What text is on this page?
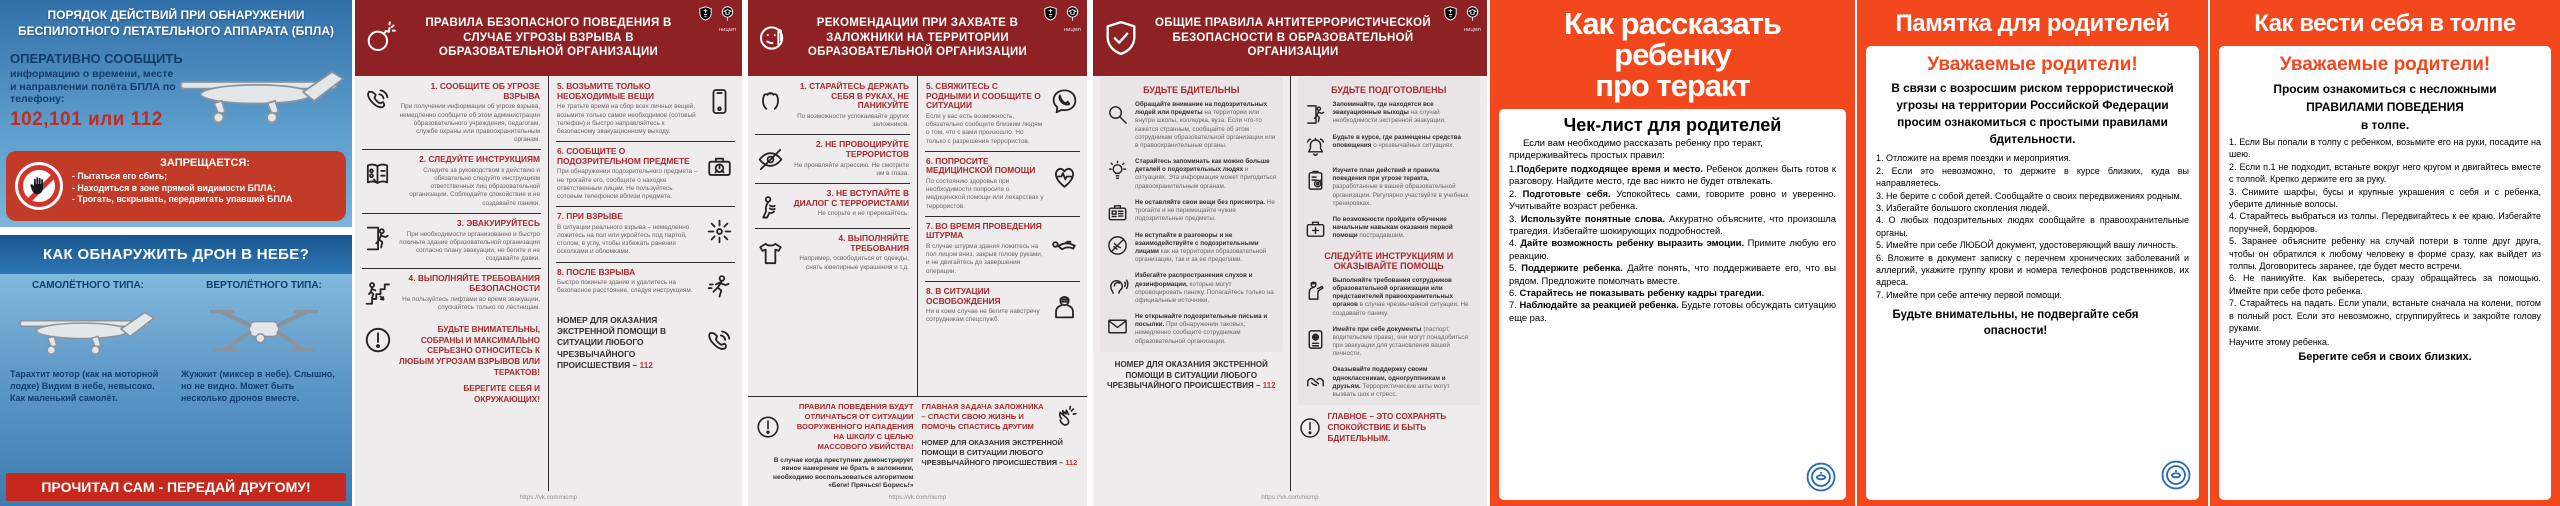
ПОРЯДОК ДЕЙСТВИЙ ПРИ ОБНАРУЖЕНИИ БЕСПИЛОТНОГО ЛЕТАТЕЛЬНОГО АППАРАТА (БПЛА)
ОПЕРАТИВНО СООБЩИТЬ
информацию о времени, месте и направлении полёта БПЛА по телефону:
102,101 или 112
ЗАПРЕЩАЕТСЯ:
- Пытаться его сбить;
- Находиться в зоне прямой видимости БПЛА;
- Трогать, вскрывать, передвигать упавший БПЛА
КАК ОБНАРУЖИТЬ ДРОН В НЕБЕ?
САМОЛЁТНОГО ТИПА:	ВЕРТОЛЁТНОГО ТИПА:
Тарахтит мотор (как на моторной лодке) Видим в небе, невысоко. Как маленький самолёт.
Жужжит (миксер в небе). Слышно, но не видно. Может быть несколько дронов вместе.
ПРОЧИТАЛ САМ - ПЕРЕДАЙ ДРУГОМУ!
ПРАВИЛА БЕЗОПАСНОГО ПОВЕДЕНИЯ В СЛУЧАЕ УГРОЗЫ ВЗРЫВА В ОБРАЗОВАТЕЛЬНОЙ ОРГАНИЗАЦИИ
НИЦМП
1. СООБЩИТЕ ОБ УГРОЗЕ ВЗРЫВА
При получении информации об угрозе взрыва, немедленно сообщите об этом администрации образовательного учреждения, педагогам, службе охраны или правоохранительным органам.
2. СЛЕДУЙТЕ ИНСТРУКЦИЯМ
Следите за руководством к действию и обязательно следуйте инструкциям ответственных лиц образовательной организации. Соблюдайте спокойствие и не создавайте паники.
3. ЭВАКУИРУЙТЕСЬ
При необходимости организованно и быстро покиньте здание образовательной организации согласно плану эвакуации, не бегите и не создавайте давки.
4. ВЫПОЛНЯЙТЕ ТРЕБОВАНИЯ БЕЗОПАСНОСТИ
Не пользуйтесь лифтами во время эвакуации, спускайтесь только по лестницам.
БУДЬТЕ ВНИМАТЕЛЬНЫ, СОБРАНЫ И МАКСИМАЛЬНО СЕРЬЕЗНО ОТНОСИТЕСЬ К ЛЮБЫМ УГРОЗАМ ВЗРЫВОВ ИЛИ ТЕРАКТОВ!
БЕРЕГИТЕ СЕБЯ И ОКРУЖАЮЩИХ!
5. ВОЗЬМИТЕ ТОЛЬКО НЕОБХОДИМЫЕ ВЕЩИ
Не тратьте время на сбор всех личных вещей, возьмите только самое необходимое (сотовый телефон) и быстро направляйтесь к безопасному эвакуационному выходу.
6. СООБЩИТЕ О ПОДОЗРИТЕЛЬНОМ ПРЕДМЕТЕ
При обнаружении подозрительного предмета – не трогайте его, сообщите о находке ответственным лицам. Не пользуйтесь сотовым телефоном вблизи предмета.
7. ПРИ ВЗРЫВЕ
В ситуации реального взрыва – немедленно ложитесь на пол или укройтесь под партой, столом, в углу, чтобы избежать ранения осколками и обломками.
8. ПОСЛЕ ВЗРЫВА
Быстро покиньте здание и удалитесь на безопасное расстояние, следуя инструкциям.
НОМЕР ДЛЯ ОКАЗАНИЯ ЭКСТРЕННОЙ ПОМОЩИ В СИТУАЦИИ ЛЮБОГО ЧРЕЗВЫЧАЙНОГО ПРОИСШЕСТВИЯ – 112
https://vk.com/nicmp
РЕКОМЕНДАЦИИ ПРИ ЗАХВАТЕ В ЗАЛОЖНИКИ НА ТЕРРИТОРИИ ОБРАЗОВАТЕЛЬНОЙ ОРГАНИЗАЦИИ
НИЦМП
1. СТАРАЙТЕСЬ ДЕРЖАТЬ СЕБЯ В РУКАХ, НЕ ПАНИКУЙТЕ
По возможности успокаивайте других заложников.
2. НЕ ПРОВОЦИРУЙТЕ ТЕРРОРИСТОВ
Не проявляйте агрессию. Не смотрите им в глаза.
3. НЕ ВСТУПАЙТЕ В ДИАЛОГ С ТЕРРОРИСТАМИ
Не спорьте и не пререкайтесь.
4. ВЫПОЛНЯЙТЕ ТРЕБОВАНИЯ
Например, освободиться от одежды, снять ювелирные украшения и т.д.
5. СВЯЖИТЕСЬ С РОДНЫМИ И СООБЩИТЕ О СИТУАЦИИ
Если у вас есть возможность, обязательно сообщите близким людям о том, что с вами произошло. Но только с разрешения террористов.
6. ПОПРОСИТЕ МЕДИЦИНСКОЙ ПОМОЩИ
По состоянию здоровья при необходимости попросите о медицинской помощи или лекарствах у террористов.
7. ВО ВРЕМЯ ПРОВЕДЕНИЯ ШТУРМА
В случае штурма здания ложитесь на пол лицом вниз, закрыв голову руками, и не двигайтесь до завершения операции.
8. В СИТУАЦИИ ОСВОБОЖДЕНИЯ
Ни в коем случае не бегите навстречу сотрудникам спецслужб.
ПРАВИЛА ПОВЕДЕНИЯ БУДУТ ОТЛИЧАТЬСЯ ОТ СИТУАЦИИ ВООРУЖЕННОГО НАПАДЕНИЯ НА ШКОЛУ С ЦЕЛЬЮ МАССОВОГО УБИЙСТВА!
В случае когда преступник демонстрирует явное намерение не брать в заложники, необходимо воспользоваться алгоритмом «Беги! Прячься! Борись!»
ГЛАВНАЯ ЗАДАЧА ЗАЛОЖНИКА – СПАСТИ СВОЮ ЖИЗНЬ И ПОМОЧЬ СПАСТИСЬ ДРУГИМ
НОМЕР ДЛЯ ОКАЗАНИЯ ЭКСТРЕННОЙ ПОМОЩИ В СИТУАЦИИ ЛЮБОГО ЧРЕЗВЫЧАЙНОГО ПРОИСШЕСТВИЯ – 112
https://vk.com/nicmp
ОБЩИЕ ПРАВИЛА АНТИТЕРРОРИСТИЧЕСКОЙ БЕЗОПАСНОСТИ В ОБРАЗОВАТЕЛЬНОЙ ОРГАНИЗАЦИИ
НИЦМП
БУДЬТЕ БДИТЕЛЬНЫ
Обращайте внимание на подозрительных людей или предметы на территории или внутри школы, колледжа, вуза. Если что-то кажется странным, сообщайте об этом сотрудникам образовательной организации или в правоохранительные органы.
Старайтесь запоминать как можно больше деталей о подозрительных людях и ситуациях. Эта информация может пригодиться правоохранительным органам.
Не оставляйте свои вещи без присмотра. Не трогайте и не перемещайте чужие подозрительные предметы.
Не вступайте в разговоры и не взаимодействуйте с подозрительными лицами как на территории образовательной организации, так и за ее пределами.
Избегайте распространения слухов и дезинформации, которые могут спровоцировать панику. Полагайтесь только на официальные источники.
Не открывайте подозрительные письма и посылки. При обнаружении таковых, немедленно сообщите сотрудникам образовательной организации.
НОМЕР ДЛЯ ОКАЗАНИЯ ЭКСТРЕННОЙ ПОМОЩИ В СИТУАЦИИ ЛЮБОГО ЧРЕЗВЫЧАЙНОГО ПРОИСШЕСТВИЯ – 112
БУДЬТЕ ПОДГОТОВЛЕНЫ
Запоминайте, где находятся все эвакуационные выходы на случай необходимости экстренной эвакуации.
Будьте в курсе, где размещены средства оповещения о чрезвычайных ситуациях.
Изучите план действий и правила поведения при угрозе теракта, разработанные в вашей образовательной организации. Регулярно участвуйте в учебных тренировках.
По возможности пройдите обучение начальным навыкам оказания первой помощи пострадавшим.
СЛЕДУЙТЕ ИНСТРУКЦИЯМ И ОКАЗЫВАЙТЕ ПОМОЩЬ
Выполняйте требования сотрудников образовательной организации или представителей правоохранительных органов в случае чрезвычайной ситуации. Не создавайте панику.
Имейте при себе документы (паспорт, водительские права), они могут понадобиться при эвакуации для установления вашей личности.
Оказывайте поддержку своим одноклассникам, одногруппникам и друзьям. Террористические акты могут вызвать шок и стресс.
ГЛАВНОЕ – ЭТО СОХРАНЯТЬ СПОКОЙСТВИЕ И БЫТЬ БДИТЕЛЬНЫМ.
https://vk.com/nicmp
Как рассказать
ребенку
про теракт
Чек-лист для родителей
Если вам необходимо рассказать ребенку про теракт, придерживайтесь простых правил:
1.Подберите подходящее время и место. Ребенок должен быть готов к разговору. Найдите место, где вас никто не будет отвлекать.
2. Подготовьте себя. Успокойтесь сами, говорите ровно и уверенно. Учитывайте возраст ребенка.
3. Используйте понятные слова. Аккуратно объясните, что произошла трагедия. Избегайте шокирующих подробностей.
4. Дайте возможность ребенку выразить эмоции. Примите любую его реакцию.
5. Поддержите ребенка. Дайте понять, что поддерживаете его, что вы рядом. Предложите помолчать вместе.
6. Старайтесь не показывать ребенку кадры трагедии.
7. Наблюдайте за реакцией ребенка. Будьте готовы обсуждать ситуацию еще раз.
Памятка для родителей
Уважаемые родители!
В связи с возросшим риском террористической угрозы на территории Российской Федерации просим ознакомиться с простыми правилами бдительности.
1. Отложите на время поездки и мероприятия.
2. Если это невозможно, то держите в курсе близких, куда вы направляетесь.
3. Не берите с собой детей. Сообщайте о своих передвижениях родным.
3. Избегайте большого скопления людей.
4. О любых подозрительных людях сообщайте в правоохранительные органы.
5. Имейте при себе ЛЮБОЙ документ, удостоверяющий вашу личность.
6. Вложите в документ записку с перечнем хронических заболеваний и аллергий, укажите группу крови и номера телефонов родственников, их адреса.
7. Имейте при себе аптечку первой помощи.
Будьте внимательны, не подвергайте себя опасности!
Как вести себя в толпе
Уважаемые родители!
Просим ознакомиться с несложными
ПРАВИЛАМИ ПОВЕДЕНИЯ
в толпе.
1. Если Вы попали в толпу с ребенком, возьмите его на руки, посадите на шею.
2. Если п.1 не подходит, встаньте вокруг него кругом и двигайтесь вместе с толпой. Крепко держите его за руку.
3. Снимите шарфы, бусы и крупные украшения с себя и с ребенка, уберите длинные волосы.
4. Старайтесь выбраться из толпы. Передвигайтесь к ее краю. Избегайте поручней, бордюров.
5. Заранее объясните ребенку на случай потери в толпе друг друга, чтобы он обратился к любому человеку в форме сразу, как выйдет из толпы. Договоритесь заранее, где будет место встречи.
6. Не паникуйте. Как выберетесь, сразу обращайтесь за помощью. Имейте при себе фото ребенка.
7. Старайтесь на падать. Если упали, встаньте сначала на колени, потом в полный рост. Если это невозможно, сгруппируйтесь и закройте голову руками.
Научите этому ребенка.
Берегите себя и своих близких.
